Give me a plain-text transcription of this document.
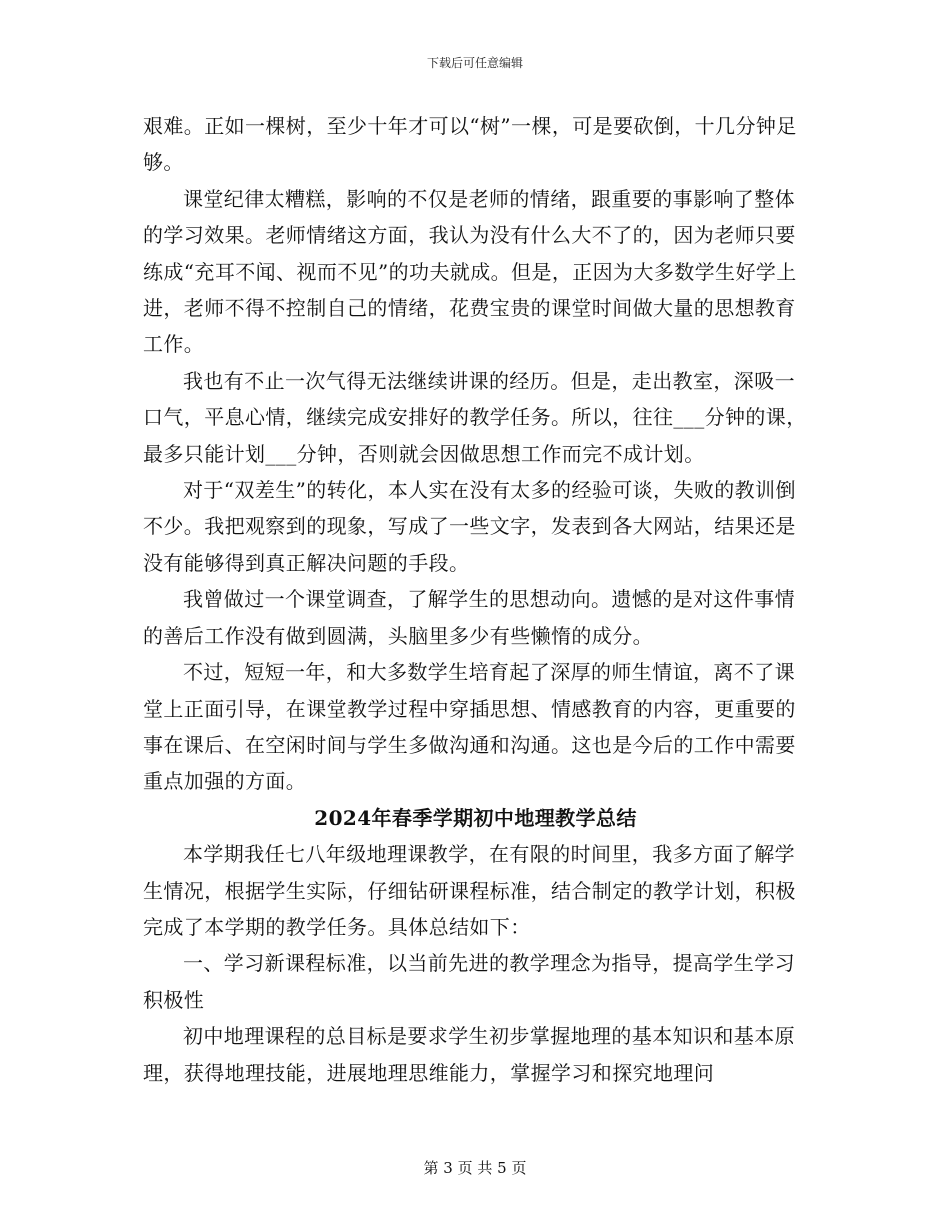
下载后可任意编辑

艰难。正如一棵树，至少十年才可以“树”一棵，可是要砍倒，十几分钟足够。

课堂纪律太糟糕，影响的不仅是老师的情绪，跟重要的事影响了整体的学习效果。老师情绪这方面，我认为没有什么大不了的，因为老师只要练成“充耳不闻、视而不见”的功夫就成。但是，正因为大多数学生好学上进，老师不得不控制自己的情绪，花费宝贵的课堂时间做大量的思想教育工作。

我也有不止一次气得无法继续讲课的经历。但是，走出教室，深吸一口气，平息心情，继续完成安排好的教学任务。所以，往往___分钟的课，最多只能计划___分钟，否则就会因做思想工作而完不成计划。

对于“双差生”的转化，本人实在没有太多的经验可谈，失败的教训倒不少。我把观察到的现象，写成了一些文字，发表到各大网站，结果还是没有能够得到真正解决问题的手段。

我曾做过一个课堂调查，了解学生的思想动向。遗憾的是对这件事情的善后工作没有做到圆满，头脑里多少有些懒惰的成分。

不过，短短一年，和大多数学生培育起了深厚的师生情谊，离不了课堂上正面引导，在课堂教学过程中穿插思想、情感教育的内容，更重要的事在课后、在空闲时间与学生多做沟通和沟通。这也是今后的工作中需要重点加强的方面。

2024年春季学期初中地理教学总结

本学期我任七八年级地理课教学，在有限的时间里，我多方面了解学生情况，根据学生实际，仔细钻研课程标准，结合制定的教学计划，积极完成了本学期的教学任务。具体总结如下：

一、学习新课程标准，以当前先进的教学理念为指导，提高学生学习积极性

初中地理课程的总目标是要求学生初步掌握地理的基本知识和基本原理，获得地理技能，进展地理思维能力，掌握学习和探究地理问

第 3 页 共 5 页
